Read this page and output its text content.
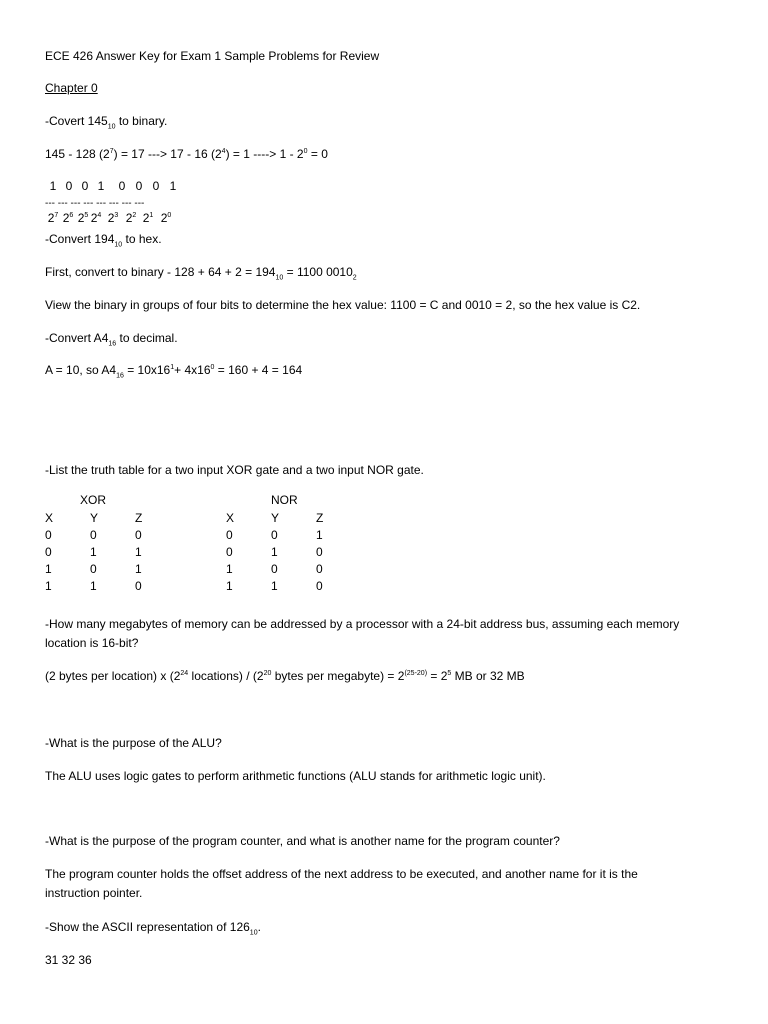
ECE 426 Answer Key for Exam 1 Sample Problems for Review
Chapter 0
-Covert $145_{10}$ to binary.
145 - 128 $(2^7) = 17$ ---> 17 - 16 $(2^4) = 1$ ----> $1 - 2^0 = 0$
1 0 0 1	0 0 0 1
--- --- --- --- --- --- --- ---
$2^7$ $2^6$ $2^5$ $2^4$ $2^3$ $2^2$ $2^1$ $2^0$
-Convert $194_{10}$ to hex.
First, convert to binary - $128 + 64 + 2 = 194_{10} = 1100$ $0010_2$
View the binary in groups of four bits to determine the hex value: 1100 = C and 0010 = 2, so the hex value is C2.
-Convert $A4_{16}$ to decimal.
A = 10, so $A4_{16} = 10x16^1+ 4x16^0 = 160 + 4 = 164$
-List the truth table for a two input XOR gate and a two input NOR gate.
XOR
X	Y	Z
0	0	0
0	1	1
1	0	1
1	1	0
NOR
X	Y	Z
0	0	1
0	1	0
1	0	0
1	1	0
-How many megabytes of memory can be addressed by a processor with a 24-bit address bus, assuming each memory
location is 16-bit?
(2 bytes per location) x ($2^{24}$ locations) / ($2^{20}$ bytes per megabyte) = $2^{(25-20)} = 2^5$ MB or 32 MB
-What is the purpose of the ALU?
The ALU uses logic gates to perform arithmetic functions (ALU stands for arithmetic logic unit).
-What is the purpose of the program counter, and what is another name for the program counter?
The program counter holds the offset address of the next address to be executed, and another name for it is the
instruction pointer.
-Show the ASCII representation of $126_{10}$.
31 32 36
